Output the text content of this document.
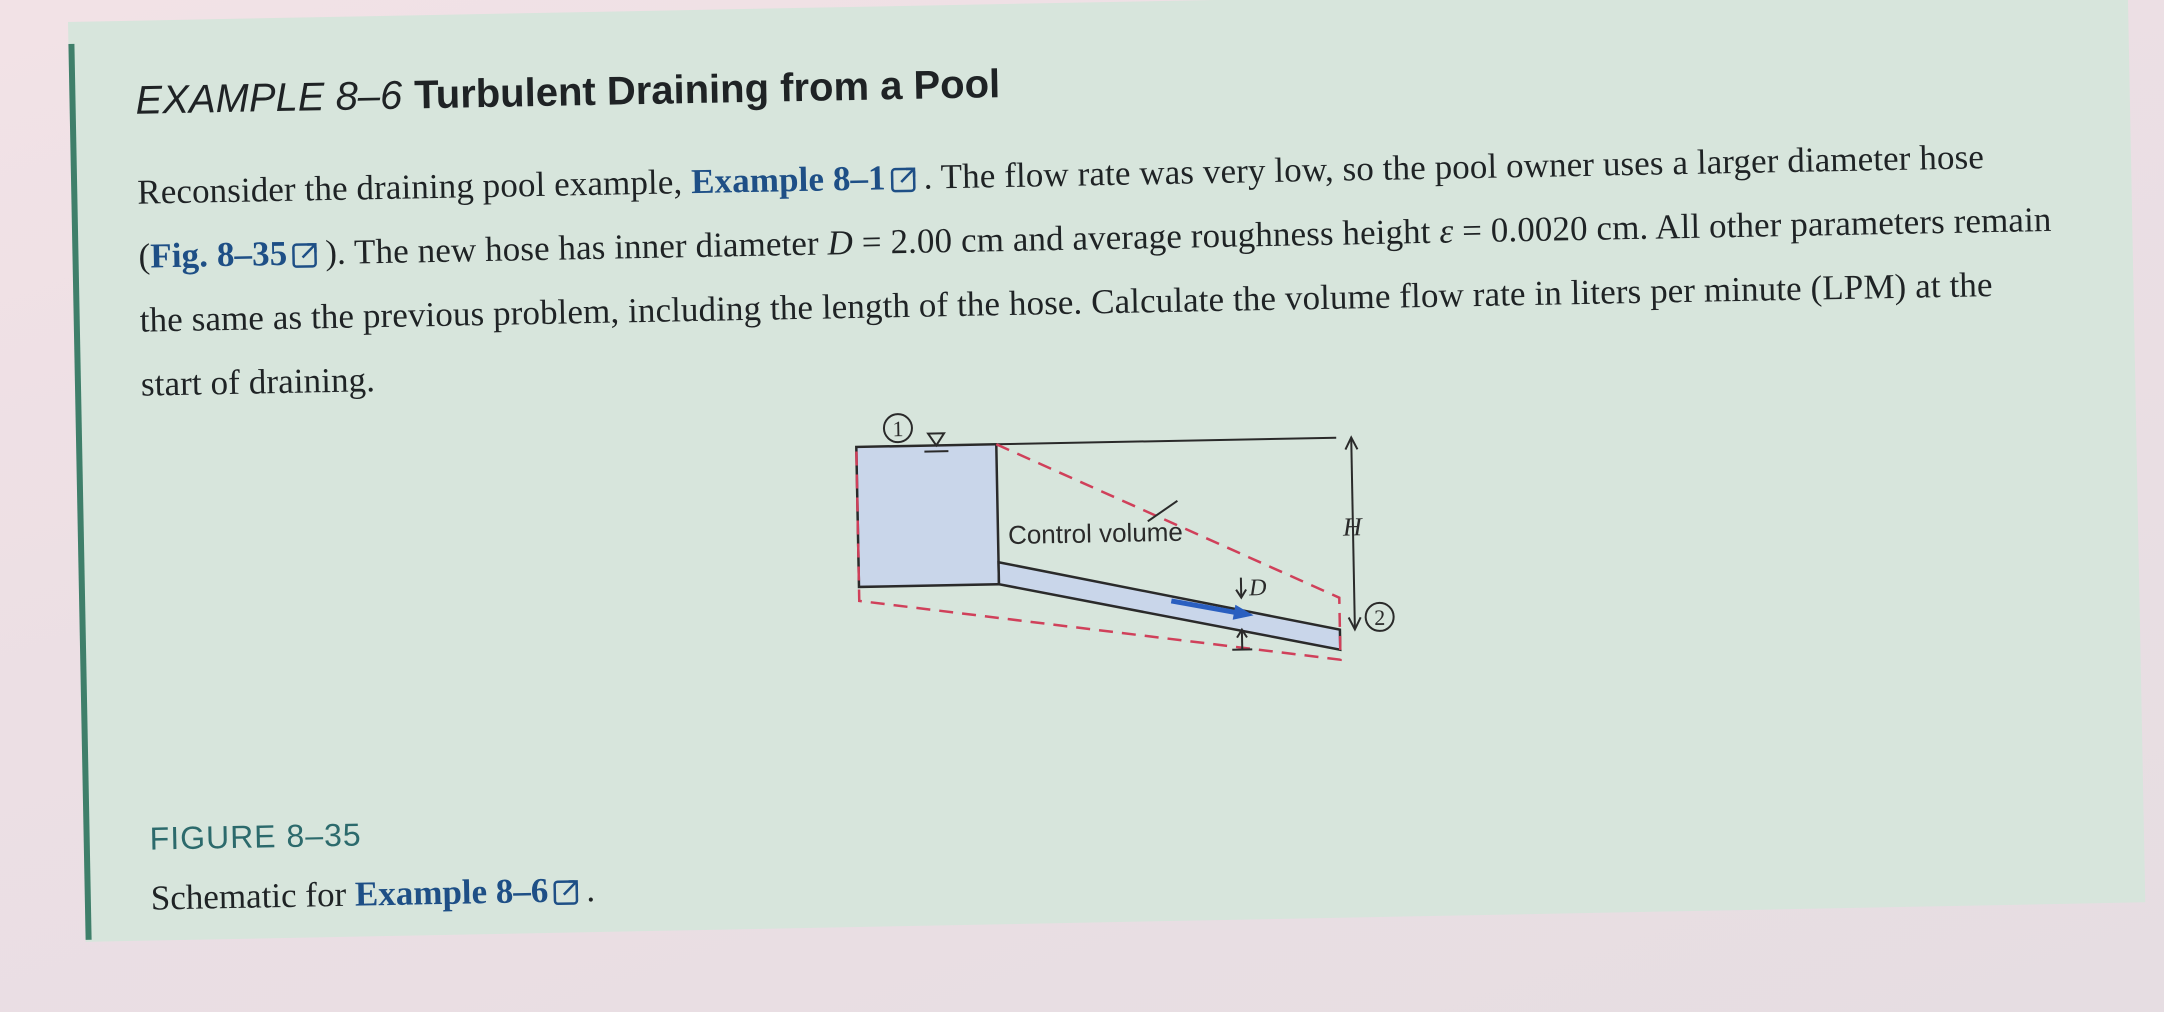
EXAMPLE 8–6 Turbulent Draining from a Pool

Reconsider the draining pool example, Example 8–1 . The flow rate was very low, so the pool owner uses a larger diameter hose (Fig. 8–35 ). The new hose has inner diameter D = 2.00 cm and average roughness height ε = 0.0020 cm. All other parameters remain the same as the previous problem, including the length of the hose. Calculate the volume flow rate in liters per minute (LPM) at the start of draining.

1
Control volume	H
2
D

FIGURE 8–35

Schematic for Example 8–6 .
